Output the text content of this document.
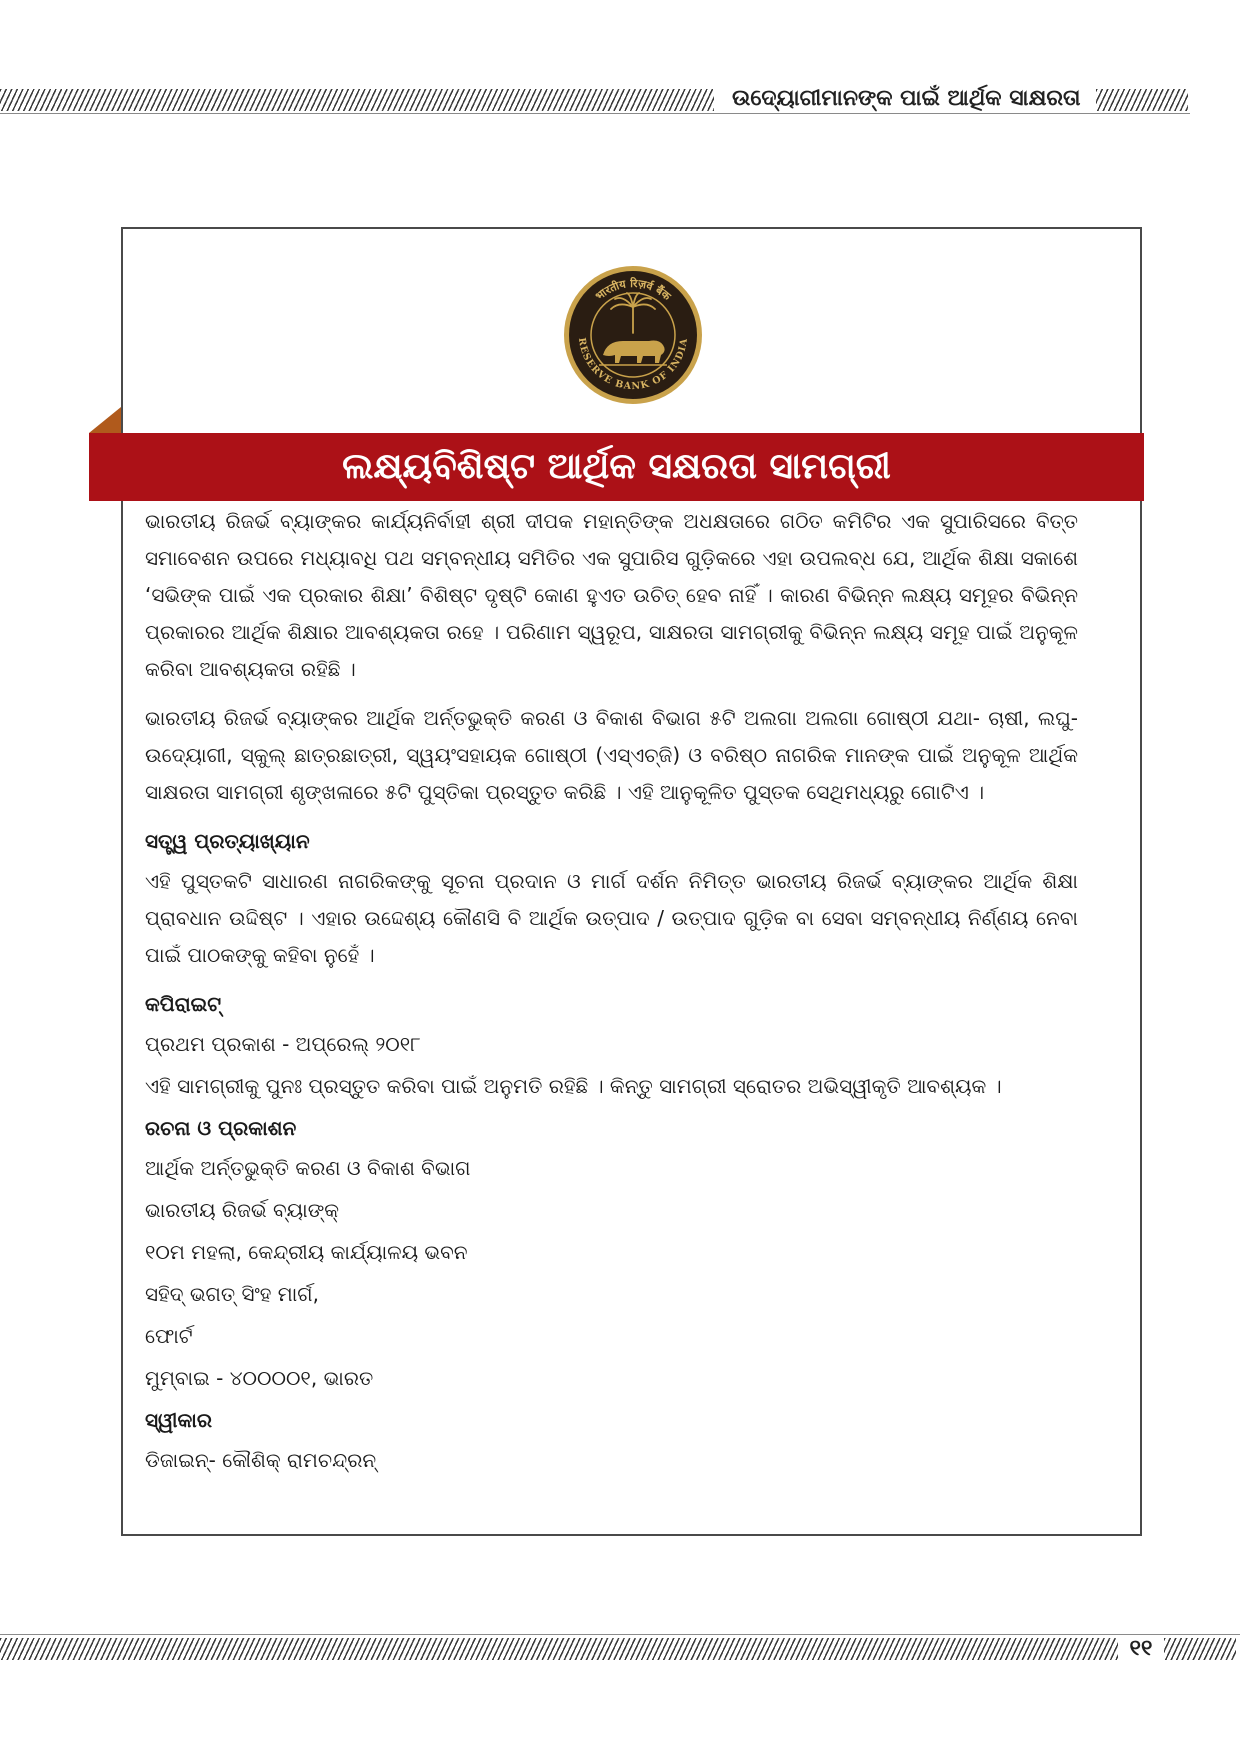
ଉଦ୍ୟୋଗୀମାନଙ୍କ ପାଇଁ ଆର୍ଥିକ ସାକ୍ଷରତା
भारतीय रिज़र्व बैंक
RESERVE BANK OF INDIA
ଲକ୍ଷ୍ୟବିଶିଷ୍ଟ ଆର୍ଥିକ ସକ୍ଷରତା ସାମଗ୍ରୀ

ଭାରତୀୟ ରିଜର୍ଭ ବ୍ୟାଙ୍କର କାର୍ଯ୍ୟନିର୍ବାହୀ ଶ୍ରୀ ଦୀପକ ମହାନ୍ତିଙ୍କ ଅଧକ୍ଷତାରେ ଗଠିତ କମିଟିର ଏକ ସୁପାରିସରେ ବିତ୍ତ ସମାବେଶନ ଉପରେ ମଧ୍ୟାବଧି ପଥ ସମ୍ବନ୍ଧୀୟ ସମିତିର ଏକ ସୁପାରିସ ଗୁଡ଼ିକରେ ଏହା ଉପଲବ୍ଧ ଯେ, ଆର୍ଥିକ ଶିକ୍ଷା ସକାଶେ ‘ସଭିଙ୍କ ପାଇଁ ଏକ ପ୍ରକାର ଶିକ୍ଷା’ ବିଶିଷ୍ଟ ଦୃଷ୍ଟି କୋଣ ହୁଏତ ଉଚିତ୍ ହେବ ନାହିଁ । କାରଣ ବିଭିନ୍ନ ଲକ୍ଷ୍ୟ ସମୂହର ବିଭିନ୍ନ ପ୍ରକାରର ଆର୍ଥିକ ଶିକ୍ଷାର ଆବଶ୍ୟକତା ରହେ । ପରିଣାମ ସ୍ୱରୂପ, ସାକ୍ଷରତା ସାମଗ୍ରୀକୁ ବିଭିନ୍ନ ଲକ୍ଷ୍ୟ ସମୂହ ପାଇଁ ଅନୁକୂଳ କରିବା ଆବଶ୍ୟକତା ରହିଛି ।

ଭାରତୀୟ ରିଜର୍ଭ ବ୍ୟାଙ୍କର ଆର୍ଥିକ ଅର୍ନ୍ତଭୁକ୍ତି କରଣ ଓ ବିକାଶ ବିଭାଗ ୫ଟି ଅଲଗା ଅଲଗା ଗୋଷ୍ଠୀ ଯଥା- ଚାଷୀ, ଲଘୁ-ଉଦ୍ୟୋଗୀ, ସ୍କୁଲ୍ ଛାତ୍ରଛାତ୍ରୀ, ସ୍ୱୟଂସହାୟକ ଗୋଷ୍ଠୀ (ଏସ୍‌ଏଚ୍‌ଜି) ଓ ବରିଷ୍ଠ ନାଗରିକ ମାନଙ୍କ ପାଇଁ ଅନୁକୂଳ ଆର୍ଥିକ ସାକ୍ଷରତା ସାମଗ୍ରୀ ଶୃଙ୍ଖଳାରେ ୫ଟି ପୁସ୍ତିକା ପ୍ରସ୍ତୁତ କରିଛି । ଏହି ଆନୁକୂଳିତ ପୁସ୍ତକ ସେଥିମଧ୍ୟରୁ ଗୋଟିଏ ।

ସତ୍ତ୍ୱ ପ୍ରତ୍ୟାଖ୍ୟାନ

ଏହି ପୁସ୍ତକଟି ସାଧାରଣ ନାଗରିକଙ୍କୁ ସୂଚନା ପ୍ରଦାନ ଓ ମାର୍ଗ ଦର୍ଶନ ନିମିତ୍ତ ଭାରତୀୟ ରିଜର୍ଭ ବ୍ୟାଙ୍କର ଆର୍ଥିକ ଶିକ୍ଷା ପ୍ରାବଧାନ ଉଦ୍ଦିଷ୍ଟ । ଏହାର ଉଦ୍ଦେଶ୍ୟ କୌଣସି ବି ଆର୍ଥିକ ଉତ୍ପାଦ / ଉତ୍ପାଦ ଗୁଡ଼ିକ ବା ସେବା ସମ୍ବନ୍ଧୀୟ ନିର୍ଣ୍ଣୟ ନେବା ପାଇଁ ପାଠକଙ୍କୁ କହିବା ନୁହେଁ ।

କପିରାଇଟ୍
ପ୍ରଥମ ପ୍ରକାଶ - ଅପ୍ରେଲ୍ ୨୦୧୮
ଏହି ସାମଗ୍ରୀକୁ ପୁନଃ ପ୍ରସ୍ତୁତ କରିବା ପାଇଁ ଅନୁମତି ରହିଛି । କିନ୍ତୁ ସାମଗ୍ରୀ ସ୍ରୋତର ଅଭିସ୍ୱୀକୃତି ଆବଶ୍ୟକ ।
ରଚନା ଓ ପ୍ରକାଶନ
ଆର୍ଥିକ ଅର୍ନ୍ତଭୁକ୍ତି କରଣ ଓ ବିକାଶ ବିଭାଗ
ଭାରତୀୟ ରିଜର୍ଭ ବ୍ୟାଙ୍କ୍
୧୦ମ ମହଲା, କେନ୍ଦ୍ରୀୟ କାର୍ଯ୍ୟାଳୟ ଭବନ
ସହିଦ୍ ଭଗତ୍ ସିଂହ ମାର୍ଗ,
ଫୋର୍ଟ
ମୁମ୍ବାଇ - ୪୦୦୦୦୧, ଭାରତ
ସ୍ୱୀକାର
ଡିଜାଇନ୍- କୌଶିକ୍ ରାମଚନ୍ଦ୍ରନ୍
୧୧
